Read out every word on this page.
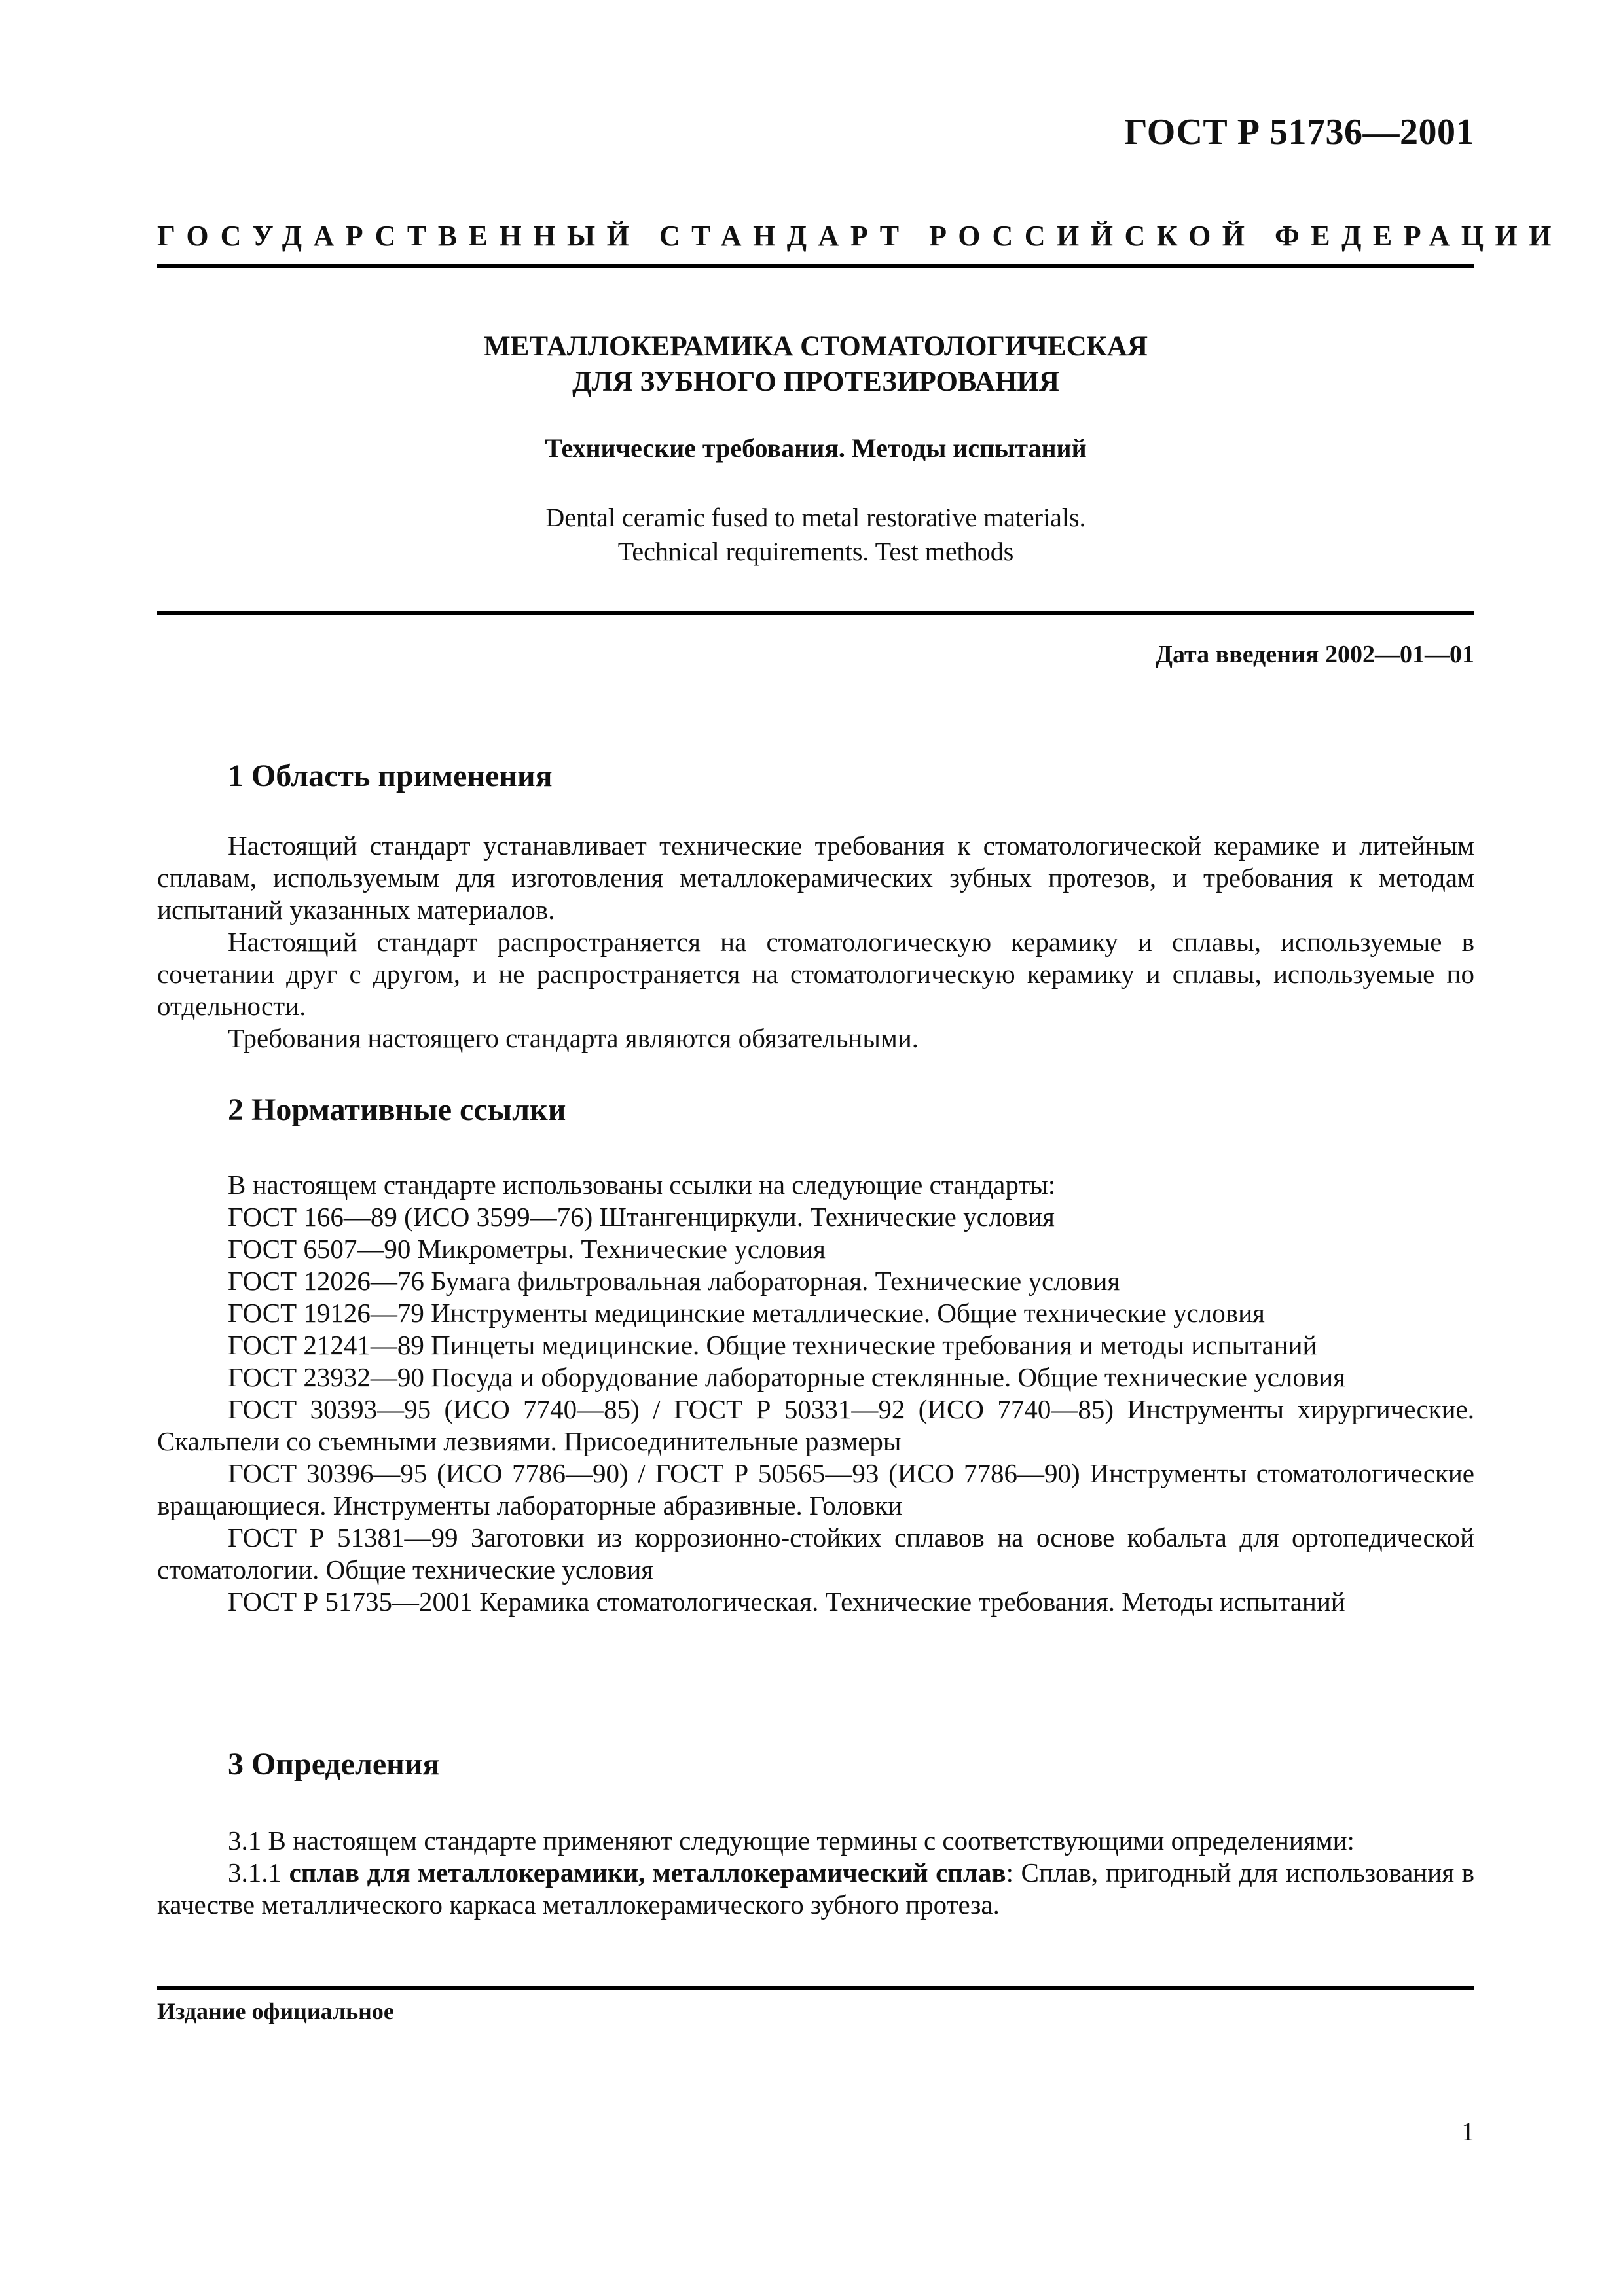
ГОСТ Р 51736—2001
ГОСУДАРСТВЕННЫЙ СТАНДАРТ РОССИЙСКОЙ ФЕДЕРАЦИИ
МЕТАЛЛОКЕРАМИКА СТОМАТОЛОГИЧЕСКАЯ
ДЛЯ ЗУБНОГО ПРОТЕЗИРОВАНИЯ
Технические требования. Методы испытаний
Dental ceramic fused to metal restorative materials.
Technical requirements. Test methods
Дата введения 2002—01—01
1 Область применения

Настоящий стандарт устанавливает технические требования к стоматологической керамике и литейным сплавам, используемым для изготовления металлокерамических зубных протезов, и требования к методам испытаний указанных материалов.

Настоящий стандарт распространяется на стоматологическую керамику и сплавы, используемые в сочетании друг с другом, и не распространяется на стоматологическую керамику и сплавы, используемые по отдельности.

Требования настоящего стандарта являются обязательными.

2 Нормативные ссылки

В настоящем стандарте использованы ссылки на следующие стандарты:

ГОСТ 166—89 (ИСО 3599—76) Штангенциркули. Технические условия

ГОСТ 6507—90 Микрометры. Технические условия

ГОСТ 12026—76 Бумага фильтровальная лабораторная. Технические условия

ГОСТ 19126—79 Инструменты медицинские металлические. Общие технические условия

ГОСТ 21241—89 Пинцеты медицинские. Общие технические требования и методы испытаний

ГОСТ 23932—90 Посуда и оборудование лабораторные стеклянные. Общие технические условия

ГОСТ 30393—95 (ИСО 7740—85) / ГОСТ Р 50331—92 (ИСО 7740—85) Инструменты хирургические. Скальпели со съемными лезвиями. Присоединительные размеры

ГОСТ 30396—95 (ИСО 7786—90) / ГОСТ Р 50565—93 (ИСО 7786—90) Инструменты стоматологические вращающиеся. Инструменты лабораторные абразивные. Головки

ГОСТ Р 51381—99 Заготовки из коррозионно-стойких сплавов на основе кобальта для ортопедической стоматологии. Общие технические условия

ГОСТ Р 51735—2001 Керамика стоматологическая. Технические требования. Методы испытаний

3 Определения

3.1 В настоящем стандарте применяют следующие термины с соответствующими определениями:

3.1.1 сплав для металлокерамики, металлокерамический сплав: Сплав, пригодный для использования в качестве металлического каркаса металлокерамического зубного протеза.

Издание официальное
1
